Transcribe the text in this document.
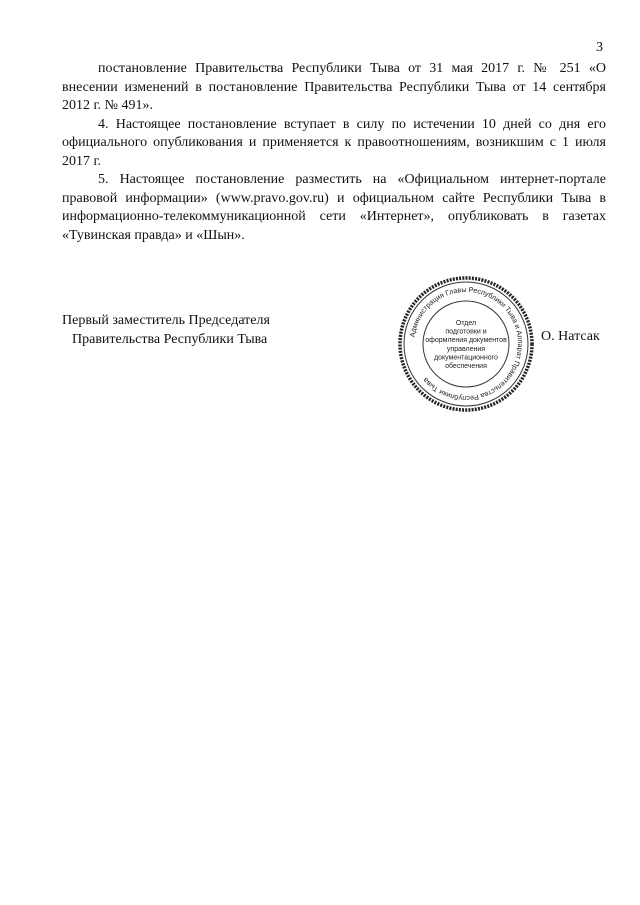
3

постановление Правительства Республики Тыва от 31 мая 2017 г. № 251 «О внесении изменений в постановление Правительства Республики Тыва от 14 сентября 2012 г. № 491».

4. Настоящее постановление вступает в силу по истечении 10 дней со дня его официального опубликования и применяется к правоотношениям, возникшим с 1 июля 2017 г.

5. Настоящее постановление разместить на «Официальном интернет-портале правовой информации» (www.pravo.gov.ru) и официальном сайте Республики Тыва в информационно-телекоммуникационной сети «Интернет», опубликовать в газетах «Тувинская правда» и «Шын».

Первый заместитель Председателя
Правительства Республики Тыва	Администрация Главы Республики Тыва и Аппарат Правительства Республики Тыва
Отдел
подготовки и
оформления документов
управления
документационного
обеспечения
О. Натсак
